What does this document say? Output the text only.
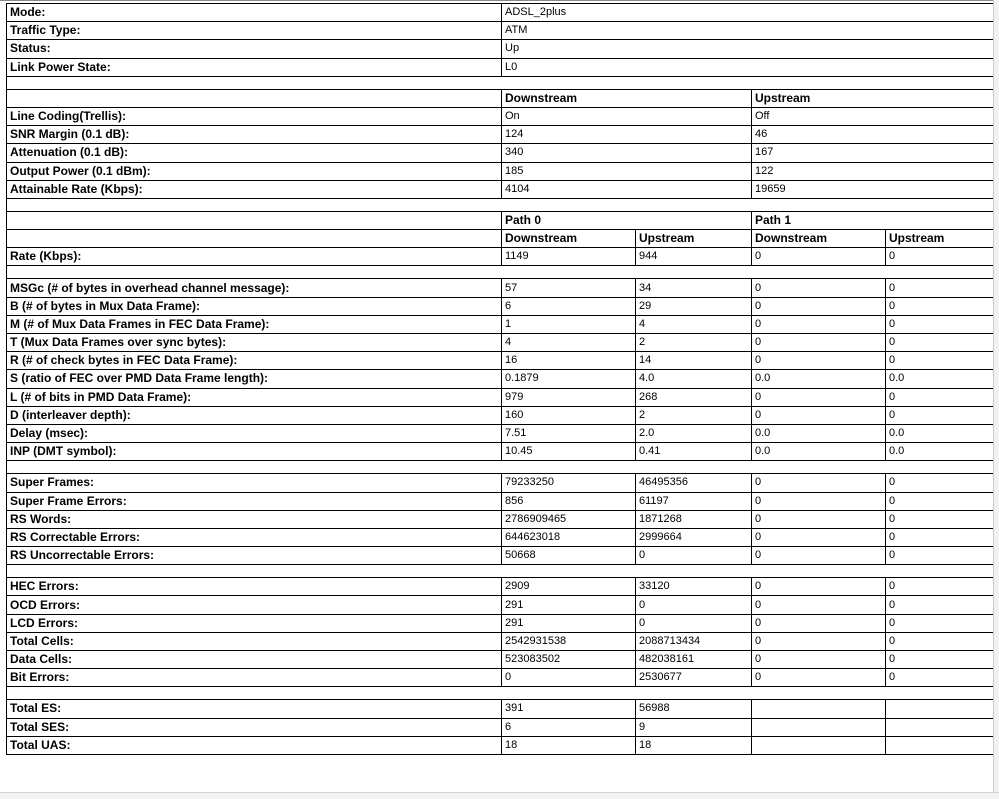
Mode:	ADSL_2plus			
Traffic Type:	ATM			
Status:	Up			
Link Power State:	L0			

	Downstream		Upstream	
Line Coding(Trellis):	On		Off	
SNR Margin (0.1 dB):	124		46	
Attenuation (0.1 dB):	340		167	
Output Power (0.1 dBm):	185		122	
Attainable Rate (Kbps):	4104		19659	

	Path 0		Path 1	
	Downstream	Upstream	Downstream	Upstream
Rate (Kbps):	1149	944	0	0

MSGc (# of bytes in overhead channel message):	57	34	0	0
B (# of bytes in Mux Data Frame):	6	29	0	0
M (# of Mux Data Frames in FEC Data Frame):	1	4	0	0
T (Mux Data Frames over sync bytes):	4	2	0	0
R (# of check bytes in FEC Data Frame):	16	14	0	0
S (ratio of FEC over PMD Data Frame length):	0.1879	4.0	0.0	0.0
L (# of bits in PMD Data Frame):	979	268	0	0
D (interleaver depth):	160	2	0	0
Delay (msec):	7.51	2.0	0.0	0.0
INP (DMT symbol):	10.45	0.41	0.0	0.0

Super Frames:	79233250	46495356	0	0
Super Frame Errors:	856	61197	0	0
RS Words:	2786909465	1871268	0	0
RS Correctable Errors:	644623018	2999664	0	0
RS Uncorrectable Errors:	50668	0	0	0

HEC Errors:	2909	33120	0	0
OCD Errors:	291	0	0	0
LCD Errors:	291	0	0	0
Total Cells:	2542931538	2088713434	0	0
Data Cells:	523083502	482038161	0	0
Bit Errors:	0	2530677	0	0

Total ES:	391	56988		
Total SES:	6	9		
Total UAS:	18	18		
